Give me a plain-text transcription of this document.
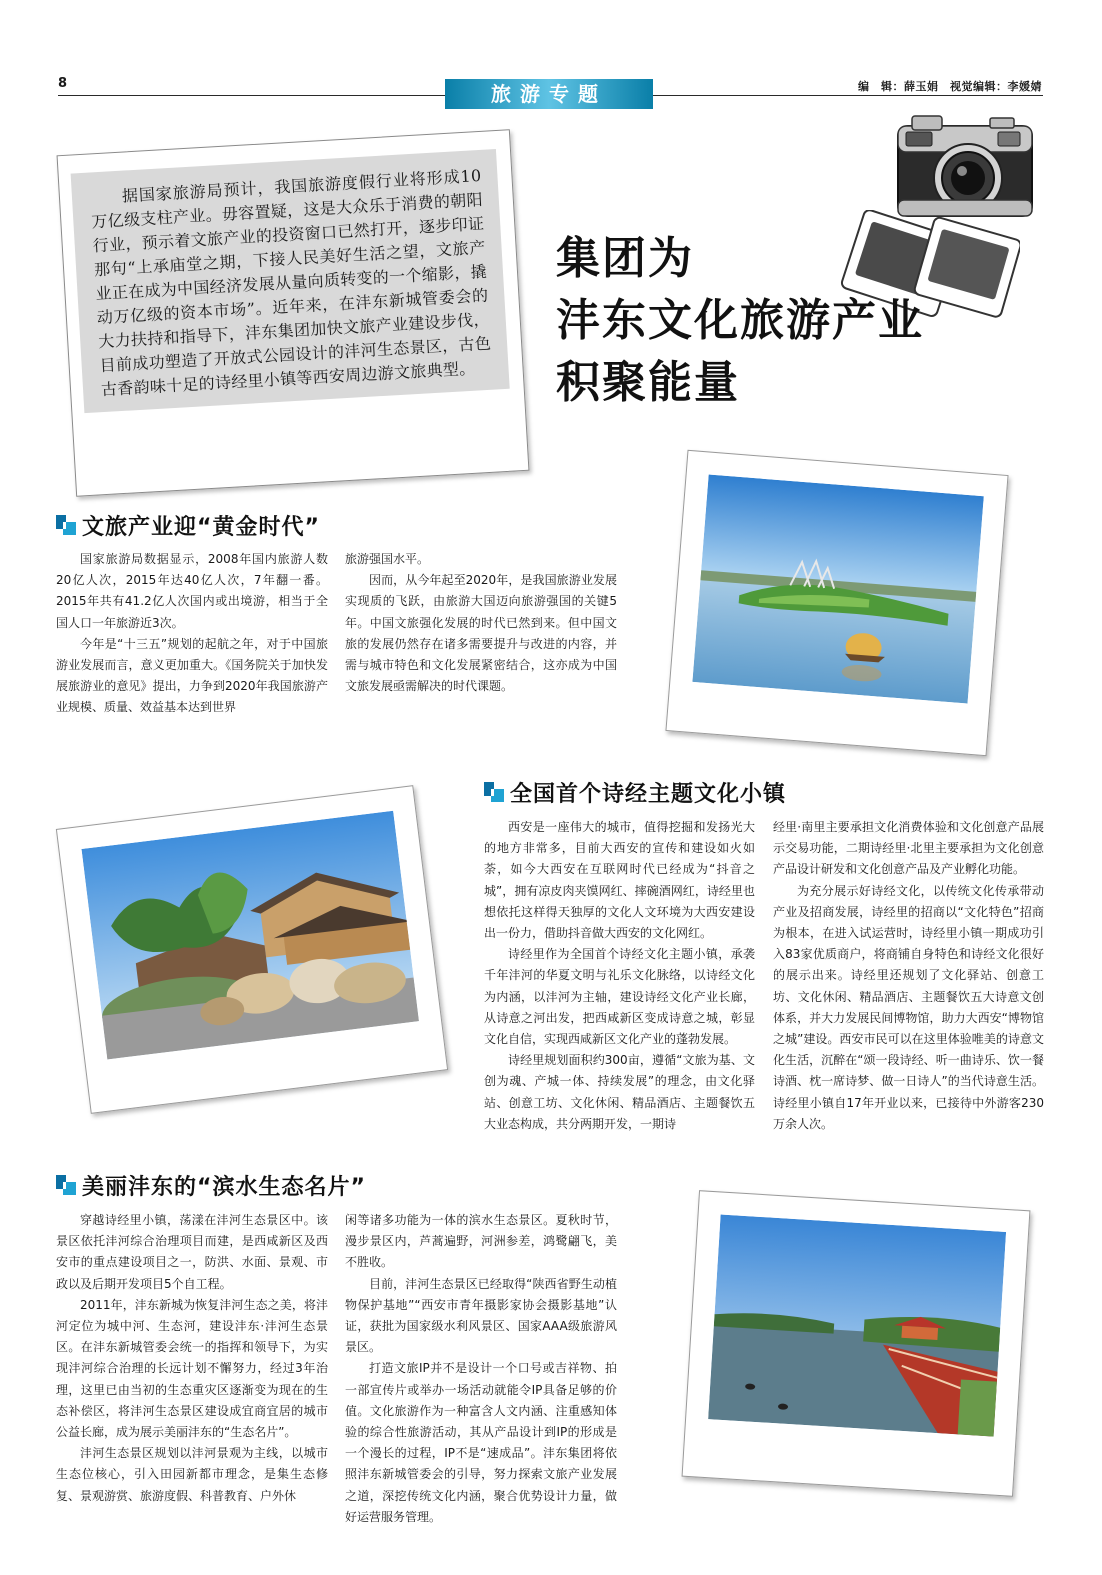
8	旅游专题	编　辑：薛玉娟　视觉编辑：李媛婧

据国家旅游局预计，我国旅游度假行业将形成10万亿级支柱产业。毋容置疑，这是大众乐于消费的朝阳行业，预示着文旅产业的投资窗口已然打开，逐步印证那句“上承庙堂之期，下接人民美好生活之望，文旅产业正在成为中国经济发展从量向质转变的一个缩影，撬动万亿级的资本市场”。近年来，在沣东新城管委会的大力扶持和指导下，沣东集团加快文旅产业建设步伐，目前成功塑造了开放式公园设计的沣河生态景区，古色古香韵味十足的诗经里小镇等西安周边游文旅典型。

集团为
沣东文化旅游产业
积聚能量
文旅产业迎“黄金时代”

国家旅游局数据显示，2008年国内旅游人数20亿人次，2015年达40亿人次，7年翻一番。2015年共有41.2亿人次国内或出境游，相当于全国人口一年旅游近3次。

今年是“十三五”规划的起航之年，对于中国旅游业发展而言，意义更加重大。《国务院关于加快发展旅游业的意见》提出，力争到2020年我国旅游产业规模、质量、效益基本达到世界

旅游强国水平。

因而，从今年起至2020年，是我国旅游业发展实现质的飞跃，由旅游大国迈向旅游强国的关键5年。中国文旅强化发展的时代已然到来。但中国文旅的发展仍然存在诸多需要提升与改进的内容，并需与城市特色和文化发展紧密结合，这亦成为中国文旅发展亟需解决的时代课题。

全国首个诗经主题文化小镇

西安是一座伟大的城市，值得挖掘和发扬光大的地方非常多，目前大西安的宣传和建设如火如荼，如今大西安在互联网时代已经成为“抖音之城”，拥有凉皮肉夹馍网红、摔碗酒网红，诗经里也想依托这样得天独厚的文化人文环境为大西安建设出一份力，借助抖音做大西安的文化网红。

诗经里作为全国首个诗经文化主题小镇，承袭千年沣河的华夏文明与礼乐文化脉络，以诗经文化为内涵，以沣河为主轴，建设诗经文化产业长廊，从诗意之河出发，把西咸新区变成诗意之城，彰显文化自信，实现西咸新区文化产业的蓬勃发展。

诗经里规划面积约300亩，遵循“文旅为基、文创为魂、产城一体、持续发展”的理念，由文化驿站、创意工坊、文化休闲、精品酒店、主题餐饮五大业态构成，共分两期开发，一期诗

经里·南里主要承担文化消费体验和文化创意产品展示交易功能，二期诗经里·北里主要承担为文化创意产品设计研发和文化创意产品及产业孵化功能。

为充分展示好诗经文化，以传统文化传承带动产业及招商发展，诗经里的招商以“文化特色”招商为根本，在进入试运营时，诗经里小镇一期成功引入83家优质商户，将商铺自身特色和诗经文化很好的展示出来。诗经里还规划了文化驿站、创意工坊、文化休闲、精品酒店、主题餐饮五大诗意文创体系，并大力发展民间博物馆，助力大西安“博物馆之城”建设。西安市民可以在这里体验唯美的诗意文化生活，沉醉在“颂一段诗经、听一曲诗乐、饮一餐诗酒、枕一席诗梦、做一日诗人”的当代诗意生活。诗经里小镇自17年开业以来，已接待中外游客230万余人次。

美丽沣东的“滨水生态名片”

穿越诗经里小镇，荡漾在沣河生态景区中。该景区依托沣河综合治理项目而建，是西咸新区及西安市的重点建设项目之一，防洪、水面、景观、市政以及后期开发项目5个自工程。

2011年，沣东新城为恢复沣河生态之美，将沣河定位为城中河、生态河，建设沣东·沣河生态景区。在沣东新城管委会统一的指挥和领导下，为实现沣河综合治理的长远计划不懈努力，经过3年治理，这里已由当初的生态重灾区逐渐变为现在的生态补偿区，将沣河生态景区建设成宜商宜居的城市公益长廊，成为展示美丽沣东的“生态名片”。

沣河生态景区规划以沣河景观为主线，以城市生态位核心，引入田园新都市理念，是集生态修复、景观游赏、旅游度假、科普教育、户外休

闲等诸多功能为一体的滨水生态景区。夏秋时节，漫步景区内，芦蒿遍野，河洲参差，鸿鹭翩飞，美不胜收。

目前，沣河生态景区已经取得“陕西省野生动植物保护基地”“西安市青年摄影家协会摄影基地”认证，获批为国家级水利风景区、国家AAA级旅游风景区。

打造文旅IP并不是设计一个口号或吉祥物、拍一部宣传片或举办一场活动就能令IP具备足够的价值。文化旅游作为一种富含人文内涵、注重感知体验的综合性旅游活动，其从产品设计到IP的形成是一个漫长的过程，IP不是“速成品”。沣东集团将依照沣东新城管委会的引导，努力探索文旅产业发展之道，深挖传统文化内涵，聚合优势设计力量，做好运营服务管理。
